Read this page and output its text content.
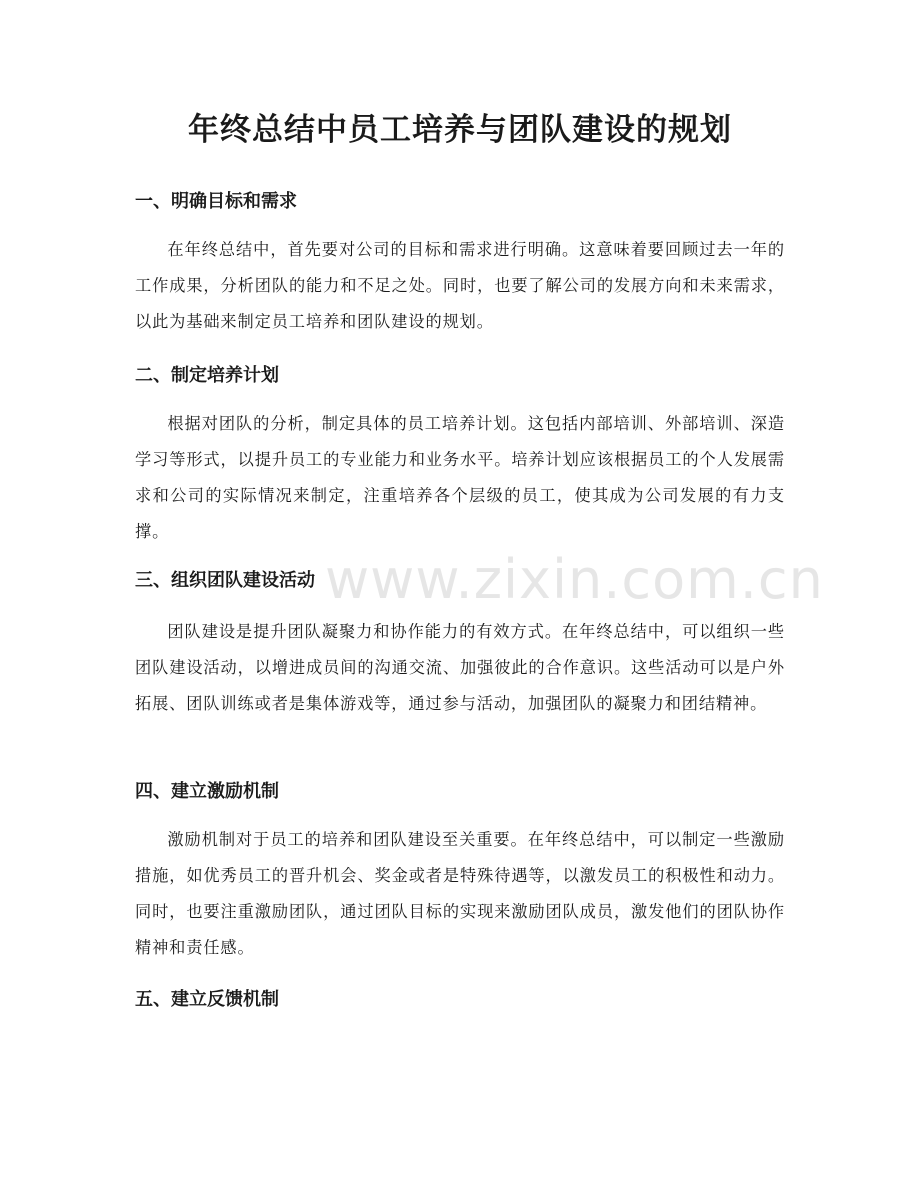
www.zixin.com.cn
年终总结中员工培养与团队建设的规划
一、明确目标和需求

在年终总结中，首先要对公司的目标和需求进行明确。这意味着要回顾过去一年的工作成果，分析团队的能力和不足之处。同时，也要了解公司的发展方向和未来需求，以此为基础来制定员工培养和团队建设的规划。

二、制定培养计划

根据对团队的分析，制定具体的员工培养计划。这包括内部培训、外部培训、深造学习等形式，以提升员工的专业能力和业务水平。培养计划应该根据员工的个人发展需求和公司的实际情况来制定，注重培养各个层级的员工，使其成为公司发展的有力支撑。

三、组织团队建设活动

团队建设是提升团队凝聚力和协作能力的有效方式。在年终总结中，可以组织一些团队建设活动，以增进成员间的沟通交流、加强彼此的合作意识。这些活动可以是户外拓展、团队训练或者是集体游戏等，通过参与活动，加强团队的凝聚力和团结精神。

四、建立激励机制

激励机制对于员工的培养和团队建设至关重要。在年终总结中，可以制定一些激励措施，如优秀员工的晋升机会、奖金或者是特殊待遇等，以激发员工的积极性和动力。同时，也要注重激励团队，通过团队目标的实现来激励团队成员，激发他们的团队协作精神和责任感。

五、建立反馈机制
